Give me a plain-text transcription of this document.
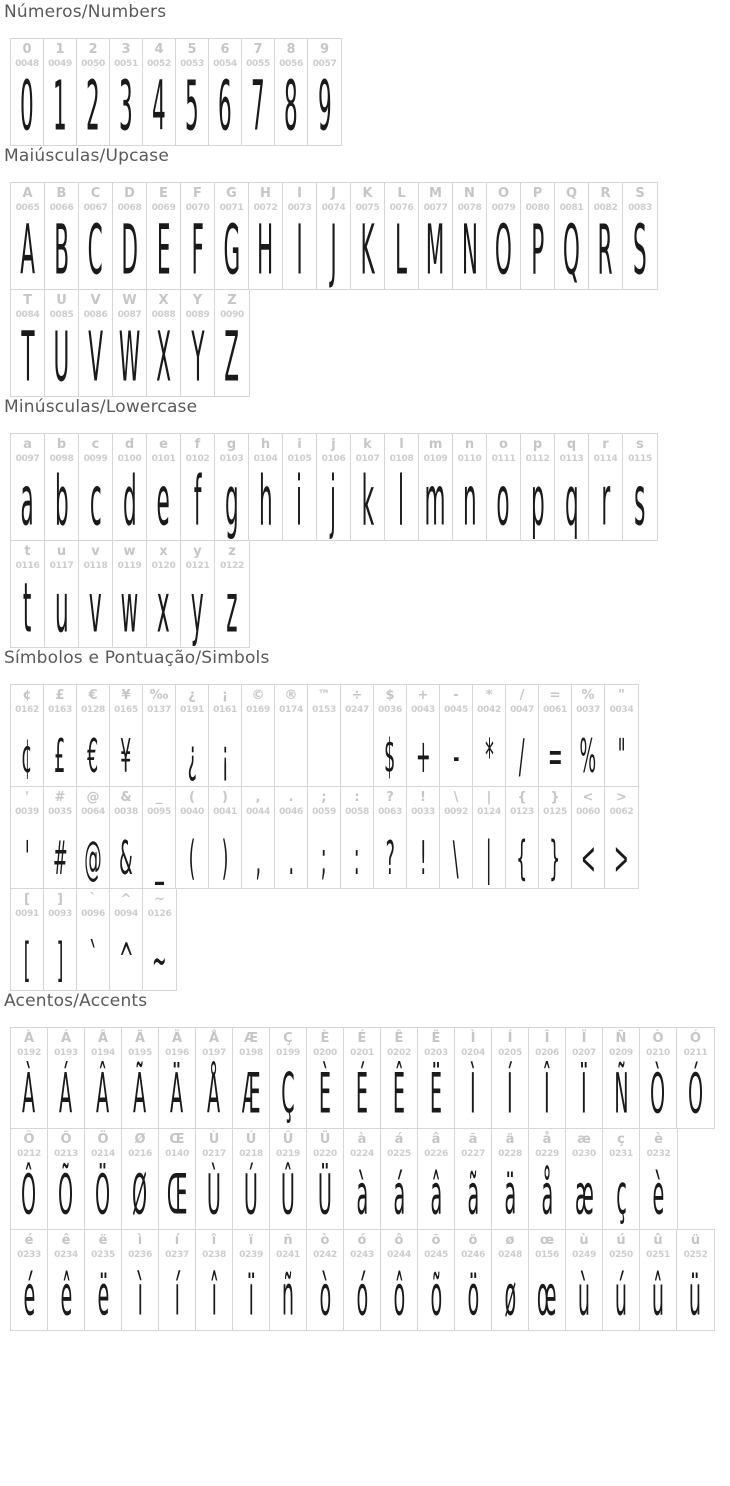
Números/Numbers
0
0048
0
1
0049
1
2
0050
2
3
0051
3
4
0052
4
5
0053
5
6
0054
6
7
0055
7
8
0056
8
9
0057
9
Maiúsculas/Upcase
A
0065
A
B
0066
B
C
0067
C
D
0068
D
E
0069
E
F
0070
F
G
0071
G
H
0072
H
I
0073
I
J
0074
J
K
0075
K
L
0076
L
M
0077
M
N
0078
N
O
0079
O
P
0080
P
Q
0081
Q
R
0082
R
S
0083
S
T
0084
T
U
0085
U
V
0086
V
W
0087
W
X
0088
X
Y
0089
Y
Z
0090
Z
Minúsculas/Lowercase
a
0097
a
b
0098
b
c
0099
c
d
0100
d
e
0101
e
f
0102
f
g
0103
g
h
0104
h
i
0105
i
j
0106
j
k
0107
k
l
0108
l
m
0109
m
n
0110
n
o
0111
o
p
0112
p
q
0113
q
r
0114
r
s
0115
s
t
0116
t
u
0117
u
v
0118
v
w
0119
w
x
0120
x
y
0121
y
z
0122
z
Símbolos e Pontuação/Simbols
¢
0162
¢
£
0163
£
€
0128
€
¥
0165
¥
‰
0137
¿
0191
¿
¡
0161
¡
©
0169
®
0174
™
0153
÷
0247
$
0036
$
+
0043
+
-
0045
-
*
0042
*
/
0047
/
=
0061
=
%
0037
%
"
0034
"
'
0039
'
#
0035
#
@
0064
@
&
0038
&
_
0095
_
(
0040
(
)
0041
)
,
0044
,
.
0046
.
;
0059
;
:
0058
:
?
0063
?
!
0033
!
\
0092
\
|
0124
|
{
0123
{
}
0125
}
<
0060
<
>
0062
>
[
0091
[
]
0093
]
`
0096
`
^
0094
^
~
0126
~
Acentos/Accents
À
0192
À
Á
0193
Á
Â
0194
Â
Ã
0195
Ã
Ä
0196
Ä
Å
0197
Å
Æ
0198
Æ
Ç
0199
Ç
È
0200
È
É
0201
É
Ê
0202
Ê
Ë
0203
Ë
Ì
0204
Ì
Í
0205
Í
Î
0206
Î
Ï
0207
Ï
Ñ
0209
Ñ
Ò
0210
Ò
Ó
0211
Ó
Ô
0212
Ô
Õ
0213
Õ
Ö
0214
Ö
Ø
0216
Ø
Œ
0140
Œ
Ù
0217
Ù
Ú
0218
Ú
Û
0219
Û
Ü
0220
Ü
à
0224
à
á
0225
á
â
0226
â
ã
0227
ã
ä
0228
ä
å
0229
å
æ
0230
æ
ç
0231
ç
è
0232
è
é
0233
é
ê
0234
ê
ë
0235
ë
ì
0236
ì
í
0237
í
î
0238
î
ï
0239
ï
ñ
0241
ñ
ò
0242
ò
ó
0243
ó
ô
0244
ô
õ
0245
õ
ö
0246
ö
ø
0248
ø
œ
0156
œ
ù
0249
ù
ú
0250
ú
û
0251
û
ü
0252
ü
